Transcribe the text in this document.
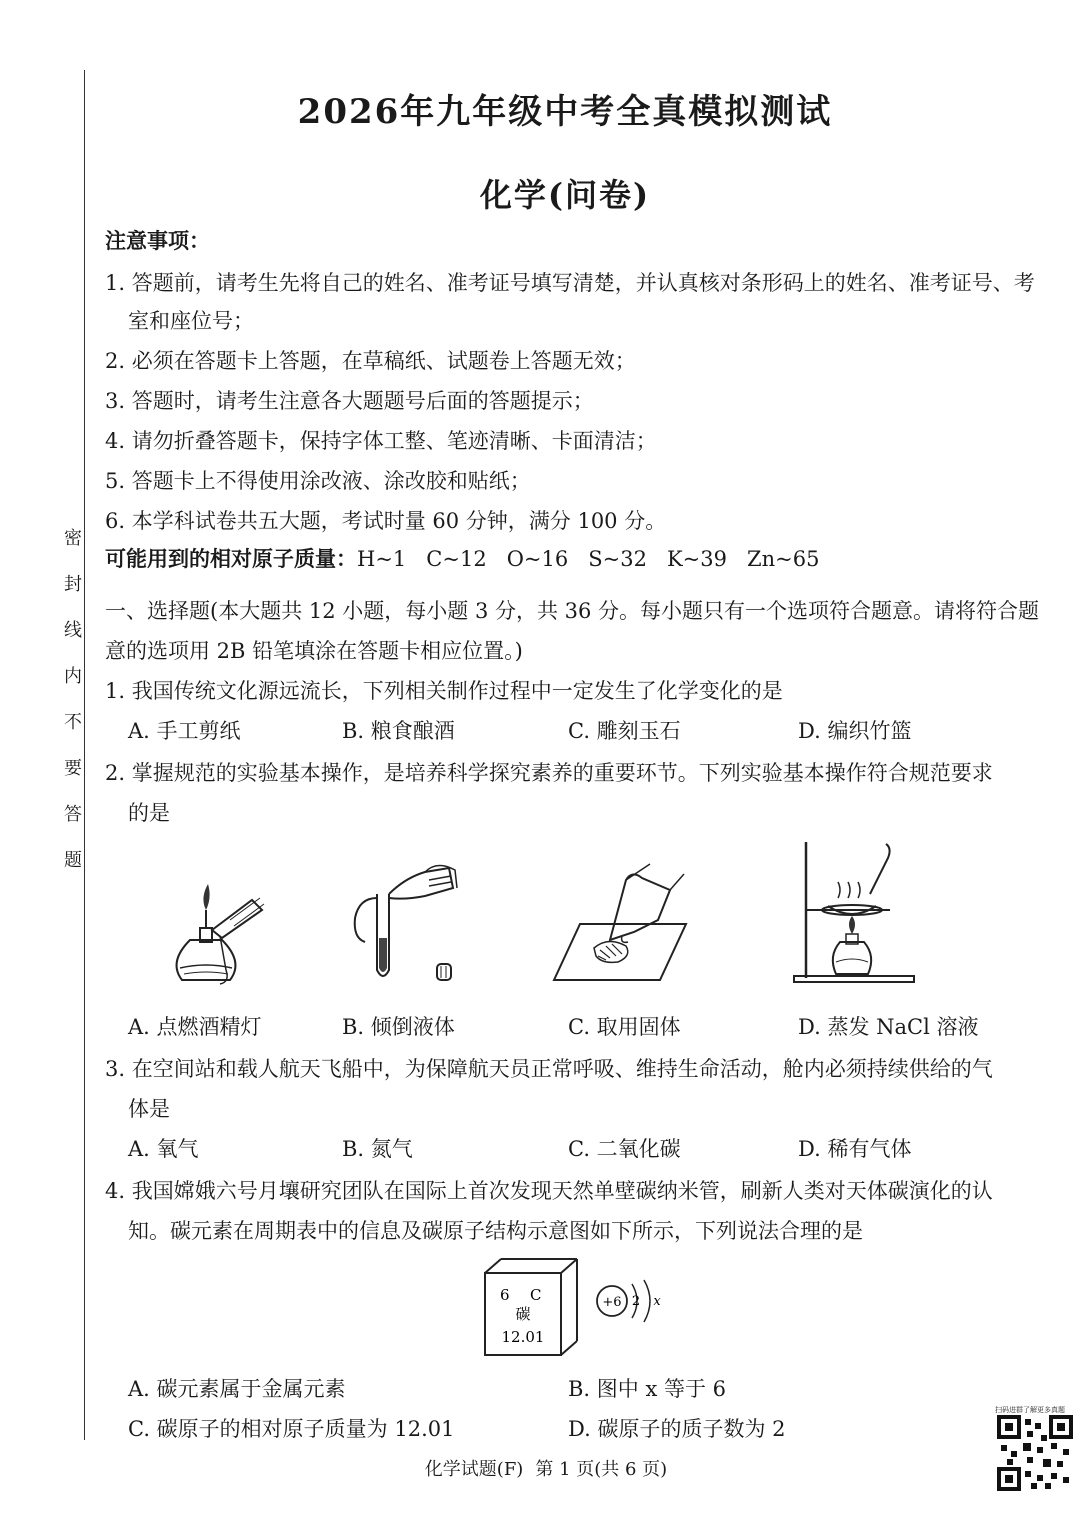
密
封
线
内
不
要
答
题
2026年九年级中考全真模拟测试
化学(问卷)
注意事项：
1. 答题前，请考生先将自己的姓名、准考证号填写清楚，并认真核对条形码上的姓名、准考证号、考
室和座位号；
2. 必须在答题卡上答题，在草稿纸、试题卷上答题无效；
3. 答题时，请考生注意各大题题号后面的答题提示；
4. 请勿折叠答题卡，保持字体工整、笔迹清晰、卡面清洁；
5. 答题卡上不得使用涂改液、涂改胶和贴纸；
6. 本学科试卷共五大题，考试时量 60 分钟，满分 100 分。
可能用到的相对原子质量：H~1   C~12   O~16   S~32   K~39   Zn~65
一、选择题(本大题共 12 小题，每小题 3 分，共 36 分。每小题只有一个选项符合题意。请将符合题
意的选项用 2B 铅笔填涂在答题卡相应位置。)
1. 我国传统文化源远流长，下列相关制作过程中一定发生了化学变化的是
A. 手工剪纸	B. 粮食酿酒	C. 雕刻玉石	D. 编织竹篮
2. 掌握规范的实验基本操作，是培养科学探究素养的重要环节。下列实验基本操作符合规范要求
的是
A. 点燃酒精灯	B. 倾倒液体	C. 取用固体	D. 蒸发 NaCl 溶液
3. 在空间站和载人航天飞船中，为保障航天员正常呼吸、维持生命活动，舱内必须持续供给的气
体是
A. 氧气	B. 氮气	C. 二氧化碳	D. 稀有气体
4. 我国嫦娥六号月壤研究团队在国际上首次发现天然单壁碳纳米管，刷新人类对天体碳演化的认
知。碳元素在周期表中的信息及碳原子结构示意图如下所示，下列说法合理的是
6 C
碳
12.01
+6 2 x
A. 碳元素属于金属元素	B. 图中 x 等于 6
C. 碳原子的相对原子质量为 12.01	D. 碳原子的质子数为 2
化学试题(F) 第 1 页(共 6 页)
扫码进群了解更多真题
